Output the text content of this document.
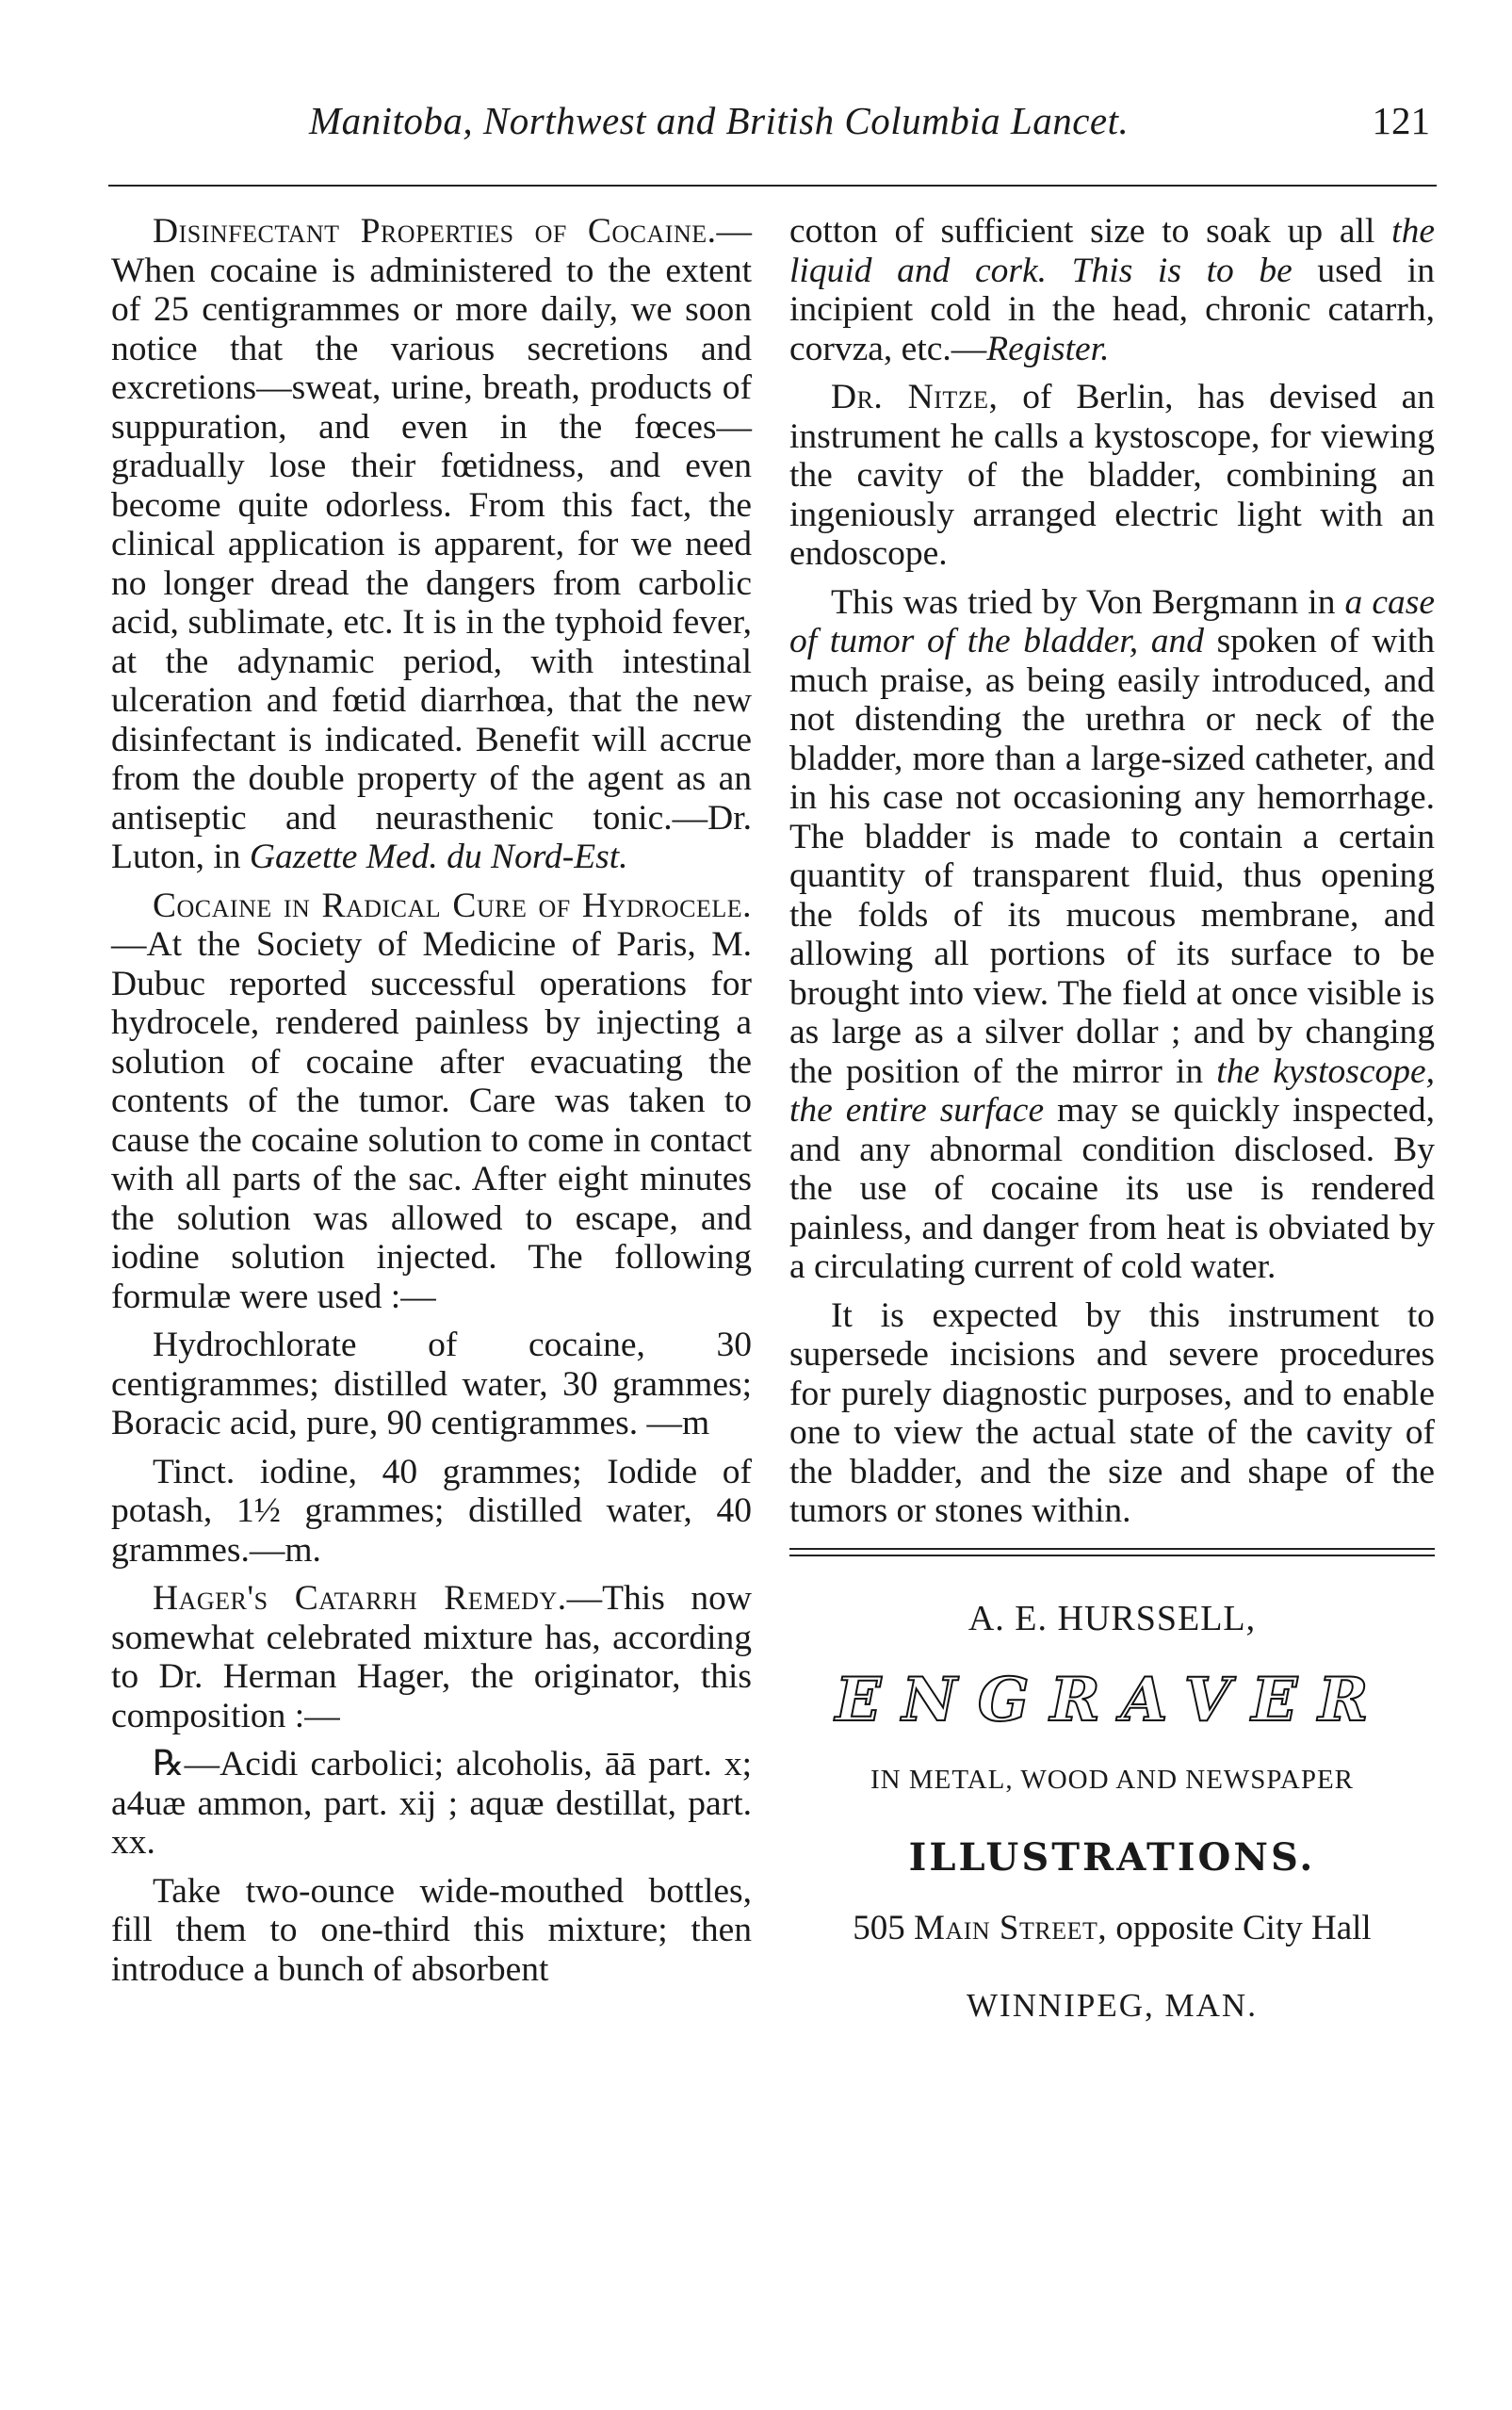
Manitoba, Northwest and British Columbia Lancet.	121

Disinfectant Properties of Cocaine.—When cocaine is administered to the extent of 25 centigrammes or more daily, we soon notice that the various secretions and excretions—sweat, urine, breath, products of suppuration, and even in the fœces—gradually lose their fœtidness, and even become quite odorless. From this fact, the clinical application is apparent, for we need no longer dread the dangers from carbolic acid, sublimate, etc. It is in the typhoid fever, at the adynamic period, with intestinal ulceration and fœtid diarrhœa, that the new disinfectant is indicated. Benefit will accrue from the double property of the agent as an antiseptic and neurasthenic tonic.—Dr. Luton, in Gazette Med. du Nord-Est.

Cocaine in Radical Cure of Hydrocele.—At the Society of Medicine of Paris, M. Dubuc reported successful operations for hydrocele, rendered painless by injecting a solution of cocaine after evacuating the contents of the tumor. Care was taken to cause the cocaine solution to come in contact with all parts of the sac. After eight minutes the solution was allowed to escape, and iodine solution injected. The following formulæ were used :—

Hydrochlorate of cocaine, 30 centigrammes; distilled water, 30 grammes; Boracic acid, pure, 90 centigrammes. —m

Tinct. iodine, 40 grammes; Iodide of potash, 1½ grammes; distilled water, 40 grammes.—m.

Hager's Catarrh Remedy.—This now somewhat celebrated mixture has, according to Dr. Herman Hager, the originator, this composition :—

℞—Acidi carbolici; alcoholis, āā part. x; a4uæ ammon, part. xij ; aquæ destillat, part. xx.

Take two-ounce wide-mouthed bottles, fill them to one-third this mixture; then introduce a bunch of absorbent

cotton of sufficient size to soak up all the liquid and cork. This is to be used in incipient cold in the head, chronic catarrh, corvza, etc.—Register.

Dr. Nitze, of Berlin, has devised an instrument he calls a kystoscope, for viewing the cavity of the bladder, combining an ingeniously arranged electric light with an endoscope.

This was tried by Von Bergmann in a case of tumor of the bladder, and spoken of with much praise, as being easily introduced, and not distending the urethra or neck of the bladder, more than a large-sized catheter, and in his case not occasioning any hemorrhage. The bladder is made to contain a certain quantity of transparent fluid, thus opening the folds of its mucous membrane, and allowing all portions of its surface to be brought into view. The field at once visible is as large as a silver dollar ; and by changing the position of the mirror in the kystoscope, the entire surface may se quickly inspected, and any abnormal condition disclosed. By the use of cocaine its use is rendered painless, and danger from heat is obviated by a circulating current of cold water.

It is expected by this instrument to supersede incisions and severe procedures for purely diagnostic purposes, and to enable one to view the actual state of the cavity of the bladder, and the size and shape of the tumors or stones within.

A. E. HURSSELL,
ENGRAVER
IN METAL, WOOD AND NEWSPAPER
ILLUSTRATIONS.
505 Main Street, opposite City Hall
WINNIPEG, MAN.
